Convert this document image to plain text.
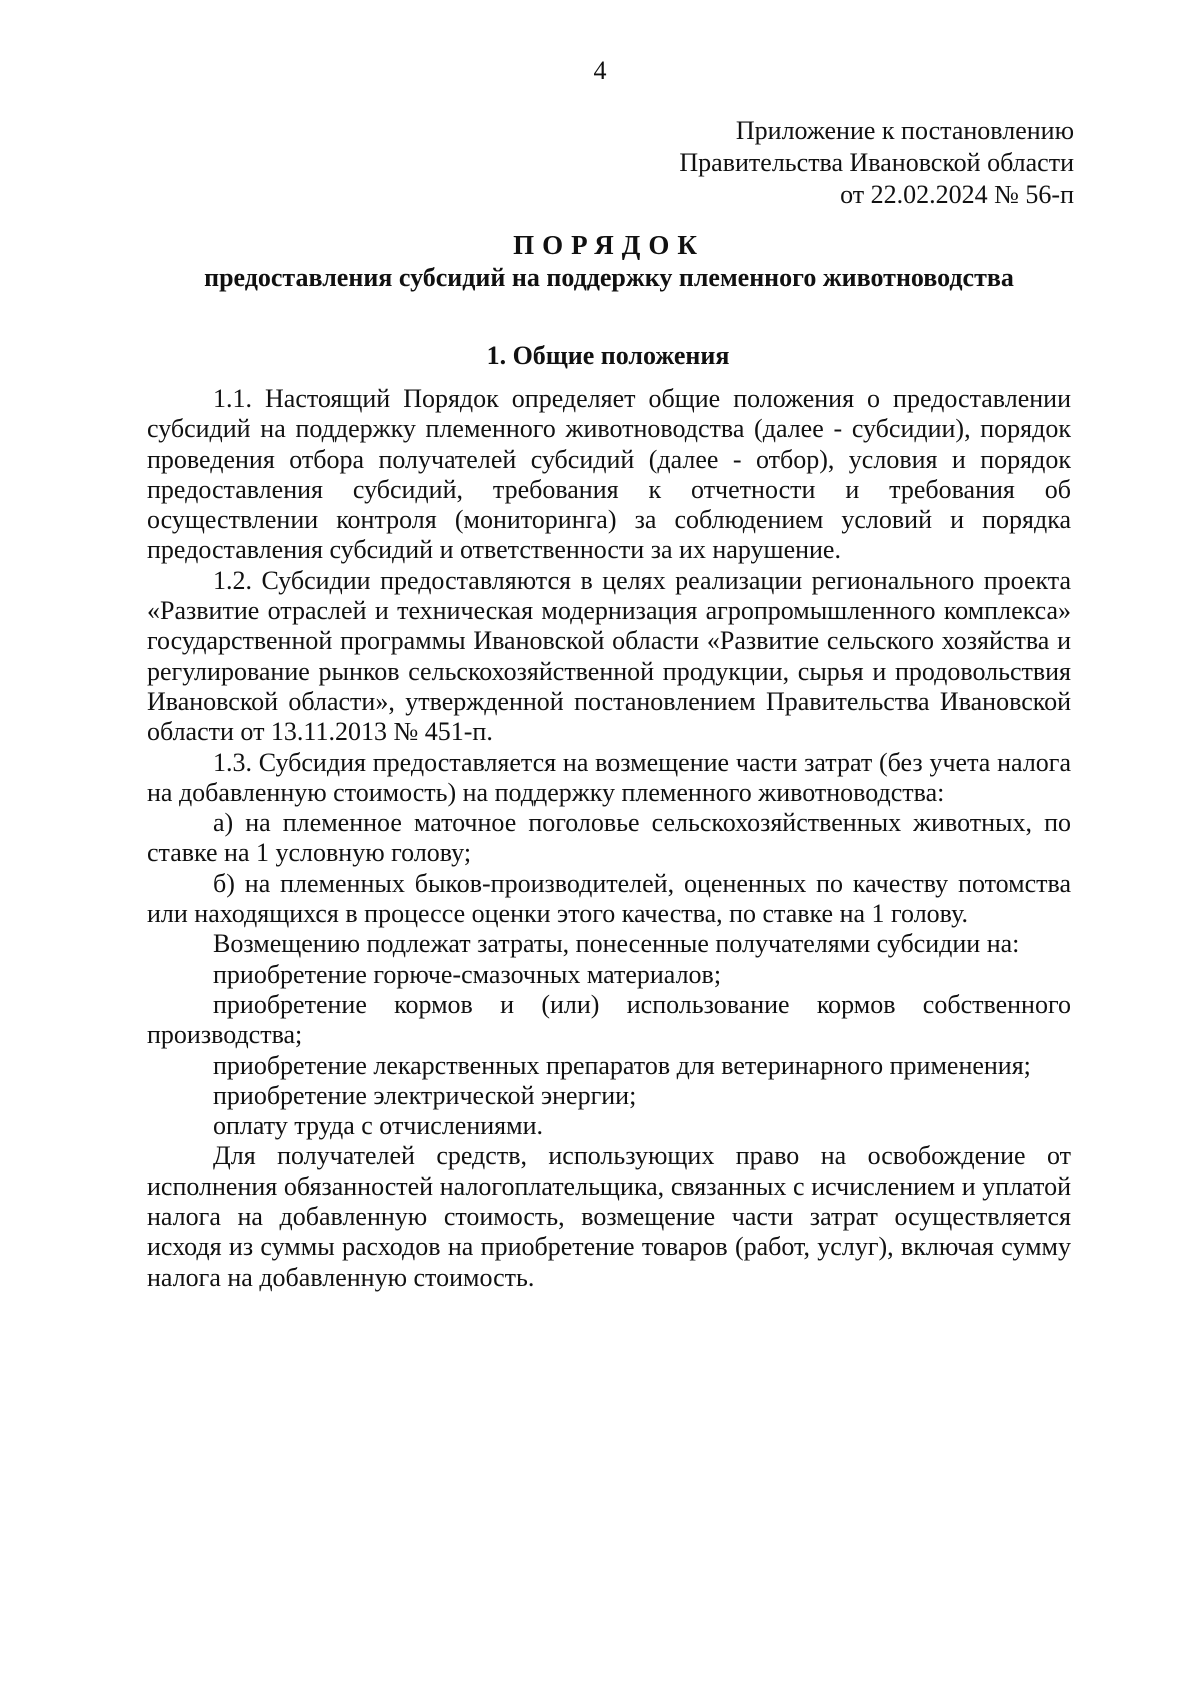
4
Приложение к постановлению
Правительства Ивановской области
от 22.02.2024 № 56-п
ПОРЯДОК
предоставления субсидий на поддержку племенного животноводства
1. Общие положения

1.1. Настоящий Порядок определяет общие положения о предоставлении субсидий на поддержку племенного животноводства (далее - субсидии), порядок проведения отбора получателей субсидий (далее - отбор), условия и порядок предоставления субсидий, требования к отчетности и требования об осуществлении контроля (мониторинга) за соблюдением условий и порядка предоставления субсидий и ответственности за их нарушение.

1.2. Субсидии предоставляются в целях реализации регионального проекта «Развитие отраслей и техническая модернизация агропромышленного комплекса» государственной программы Ивановской области «Развитие сельского хозяйства и регулирование рынков сельскохозяйственной продукции, сырья и продовольствия Ивановской области», утвержденной постановлением Правительства Ивановской области от 13.11.2013 № 451-п.

1.3. Субсидия предоставляется на возмещение части затрат (без учета налога на добавленную стоимость) на поддержку племенного животноводства:

а) на племенное маточное поголовье сельскохозяйственных животных, по ставке на 1 условную голову;

б) на племенных быков-производителей, оцененных по качеству потомства или находящихся в процессе оценки этого качества, по ставке на 1 голову.

Возмещению подлежат затраты, понесенные получателями субсидии на:

приобретение горюче-смазочных материалов;

приобретение кормов и (или) использование кормов собственного производства;

приобретение лекарственных препаратов для ветеринарного применения;

приобретение электрической энергии;

оплату труда с отчислениями.

Для получателей средств, использующих право на освобождение от исполнения обязанностей налогоплательщика, связанных с исчислением и уплатой налога на добавленную стоимость, возмещение части затрат осуществляется исходя из суммы расходов на приобретение товаров (работ, услуг), включая сумму налога на добавленную стоимость.
